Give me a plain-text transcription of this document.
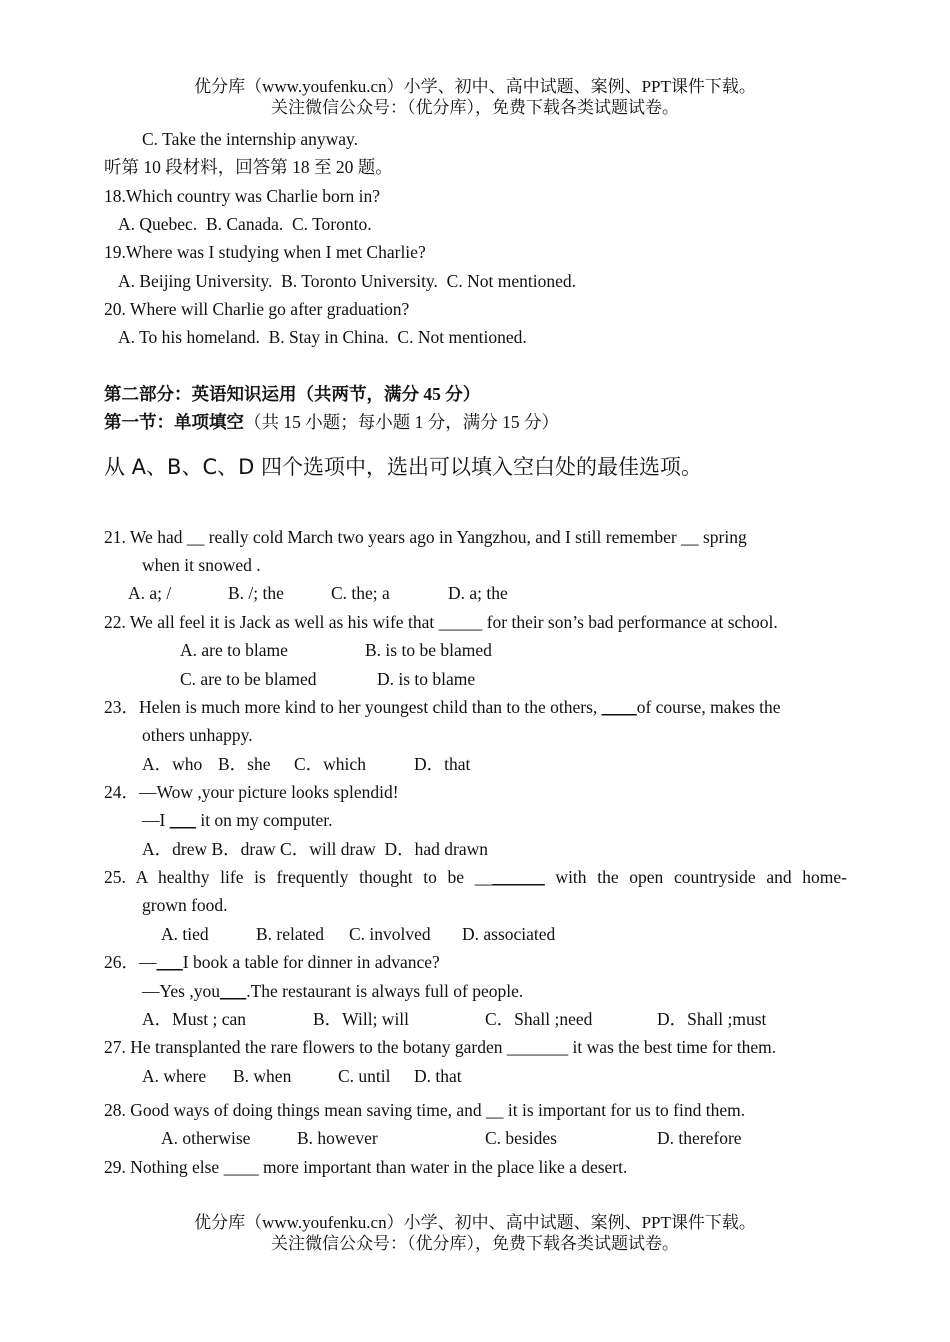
优分库（www.youfenku.cn）小学、初中、高中试题、案例、PPT课件下载。
关注微信公众号：（优分库），免费下载各类试题试卷。
C. Take the internship anyway.
听第 10 段材料，回答第 18 至 20 题。
18.Which country was Charlie born in?
A. Quebec.  B. Canada.  C. Toronto.
19.Where was I studying when I met Charlie?
A. Beijing University.  B. Toronto University.  C. Not mentioned.
20. Where will Charlie go after graduation?
A. To his homeland.  B. Stay in China.  C. Not mentioned.
第二部分：英语知识运用（共两节，满分 45 分）
第一节：单项填空（共 15 小题；每小题 1 分，满分 15 分）
从 A、B、C、D 四个选项中，选出可以填入空白处的最佳选项。
21. We had __ really cold March two years ago in Yangzhou, and I still remember __ spring
when it snowed .
A. a; /	B. /; the	C. the; a	D. a; the
22. We all feel it is Jack as well as his wife that _____ for their son’s bad performance at school.
A. are to blame	B. is to be blamed
C. are to be blamed	D. is to blame
23．Helen is much more kind to her youngest child than to the others, ____of course, makes the
others unhappy.
A．who B．she C．which	D．that
24．—Wow ,your picture looks splendid!
—I ___ it on my computer.
A．drew B．draw C．will draw  D．had drawn
25. A healthy life is frequently thought to be ________ with the open countryside and home-
grown food.
A. tied	B. related C. involved D. associated
26．—___I book a table for dinner in advance?
—Yes ,you___.The restaurant is always full of people.
A．Must ; can	B．Will; will	C．Shall ;need	D．Shall ;must
27. He transplanted the rare flowers to the botany garden _______ it was the best time for them.
A. where B. when	C. until D. that
28. Good ways of doing things mean saving time, and __ it is important for us to find them.
A. otherwise	B. however	C. besides	D. therefore
29. Nothing else ____ more important than water in the place like a desert.
优分库（www.youfenku.cn）小学、初中、高中试题、案例、PPT课件下载。
关注微信公众号：（优分库），免费下载各类试题试卷。
